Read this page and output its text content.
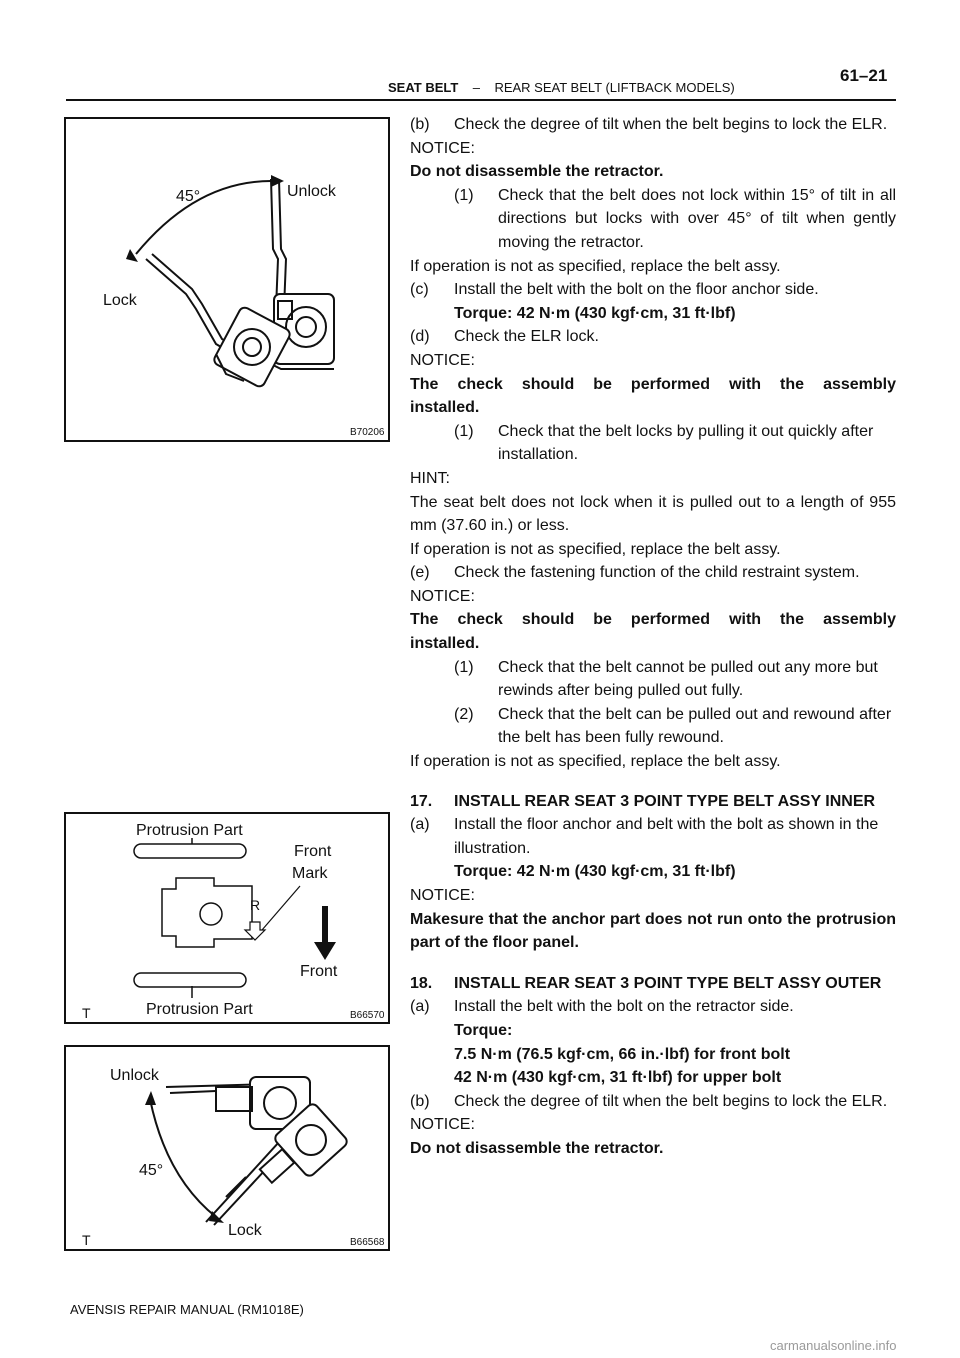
SEAT BELT – REAR SEAT BELT (LIFTBACK MODELS)
61–21
45°	Unlock
Lock
B70206
Protrusion Part
Front
Mark
R
Front
Protrusion Part
T	B66570
Unlock
45°
Lock
T	B66568
(b)	Check the degree of tilt when the belt begins to lock the ELR.

NOTICE:

Do not disassemble the retractor.

(1)	Check that the belt does not lock within 15° of tilt in all directions but locks with over 45° of tilt when gently moving the retractor.

If operation is not as specified, replace the belt assy.

(c)	Install the belt with the bolt on the floor anchor side.

Torque: 42 N·m (430 kgf·cm, 31 ft·lbf)

(d)	Check the ELR lock.

NOTICE:

The check should be performed with the assembly

installed.

(1)	Check that the belt locks by pulling it out quickly after installation.

HINT:

The seat belt does not lock when it is pulled out to a length of 955 mm (37.60 in.) or less.

If operation is not as specified, replace the belt assy.

(e)	Check the fastening function of the child restraint system.

NOTICE:

The check should be performed with the assembly

installed.

(1)	Check that the belt cannot be pulled out any more but rewinds after being pulled out fully.
(2)	Check that the belt can be pulled out and rewound after the belt has been fully rewound.

If operation is not as specified, replace the belt assy.

17.	INSTALL REAR SEAT 3 POINT TYPE BELT ASSY INNER
(a)	Install the floor anchor and belt with the bolt as shown in the illustration.

Torque: 42 N·m (430 kgf·cm, 31 ft·lbf)

NOTICE:

Makesure that the anchor part does not run onto the protrusion part of the floor panel.

18.	INSTALL REAR SEAT 3 POINT TYPE BELT ASSY OUTER
(a)	Install the belt with the bolt on the retractor side.

Torque:

7.5 N·m (76.5 kgf·cm, 66 in.·lbf) for front bolt

42 N·m (430 kgf·cm, 31 ft·lbf) for upper bolt

(b)	Check the degree of tilt when the belt begins to lock the ELR.

NOTICE:

Do not disassemble the retractor.

AVENSIS REPAIR MANUAL (RM1018E)
carmanualsonline.info
